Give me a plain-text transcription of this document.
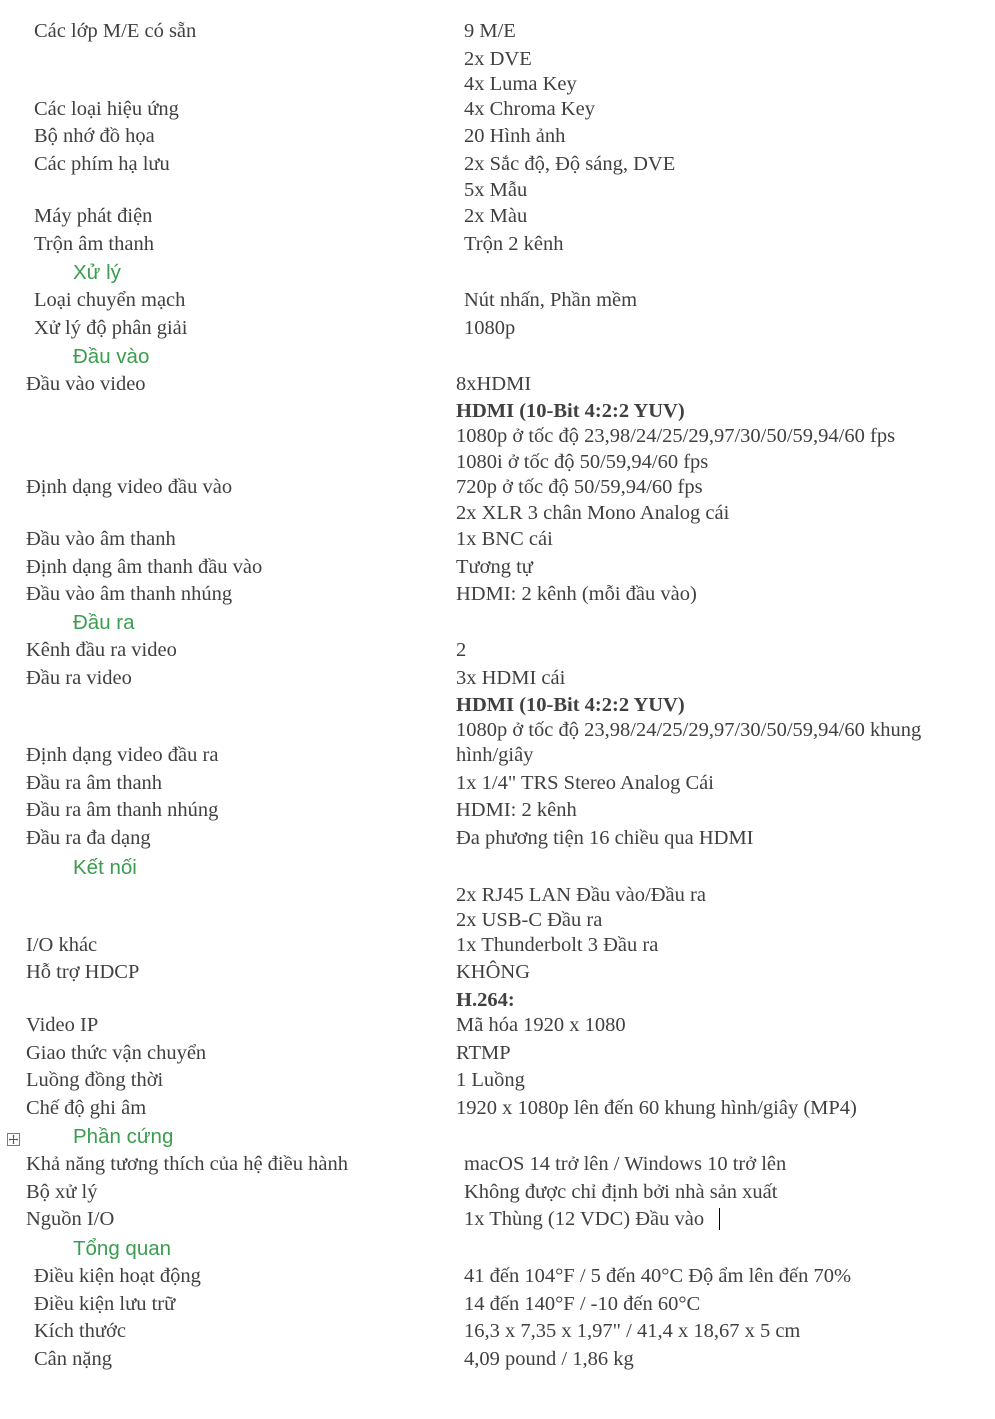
Các lớp M/E có sẵn	9 M/E
2x DVE
4x Luma Key
Các loại hiệu ứng	4x Chroma Key
Bộ nhớ đồ họa	20 Hình ảnh
Các phím hạ lưu	2x Sắc độ, Độ sáng, DVE
5x Mẫu
Máy phát điện	2x Màu
Trộn âm thanh	Trộn 2 kênh
Xử lý
Loại chuyển mạch	Nút nhấn, Phần mềm
Xử lý độ phân giải	1080p
Đầu vào
Đầu vào video	8xHDMI
HDMI (10-Bit 4:2:2 YUV)
1080p ở tốc độ 23,98/24/25/29,97/30/50/59,94/60 fps
1080i ở tốc độ 50/59,94/60 fps
Định dạng video đầu vào	720p ở tốc độ 50/59,94/60 fps
2x XLR 3 chân Mono Analog cái
Đầu vào âm thanh	1x BNC cái
Định dạng âm thanh đầu vào	Tương tự
Đầu vào âm thanh nhúng	HDMI: 2 kênh (mỗi đầu vào)
Đầu ra
Kênh đầu ra video	2
Đầu ra video	3x HDMI cái
HDMI (10-Bit 4:2:2 YUV)
1080p ở tốc độ 23,98/24/25/29,97/30/50/59,94/60 khung
Định dạng video đầu ra	hình/giây
Đầu ra âm thanh	1x 1/4" TRS Stereo Analog Cái
Đầu ra âm thanh nhúng	HDMI: 2 kênh
Đầu ra đa dạng	Đa phương tiện 16 chiều qua HDMI
Kết nối
2x RJ45 LAN Đầu vào/Đầu ra
2x USB-C Đầu ra
I/O khác	1x Thunderbolt 3 Đầu ra
Hỗ trợ HDCP	KHÔNG
H.264:
Video IP	Mã hóa 1920 x 1080
Giao thức vận chuyển	RTMP
Luồng đồng thời	1 Luồng
Chế độ ghi âm	1920 x 1080p lên đến 60 khung hình/giây (MP4)
Phần cứng
Khả năng tương thích của hệ điều hành	macOS 14 trở lên / Windows 10 trở lên
Bộ xử lý	Không được chỉ định bởi nhà sản xuất
Nguồn I/O	1x Thùng (12 VDC) Đầu vào
Tổng quan
Điều kiện hoạt động	41 đến 104°F / 5 đến 40°C Độ ẩm lên đến 70%
Điều kiện lưu trữ	14 đến 140°F / -10 đến 60°C
Kích thước	16,3 x 7,35 x 1,97" / 41,4 x 18,67 x 5 cm
Cân nặng	4,09 pound / 1,86 kg
